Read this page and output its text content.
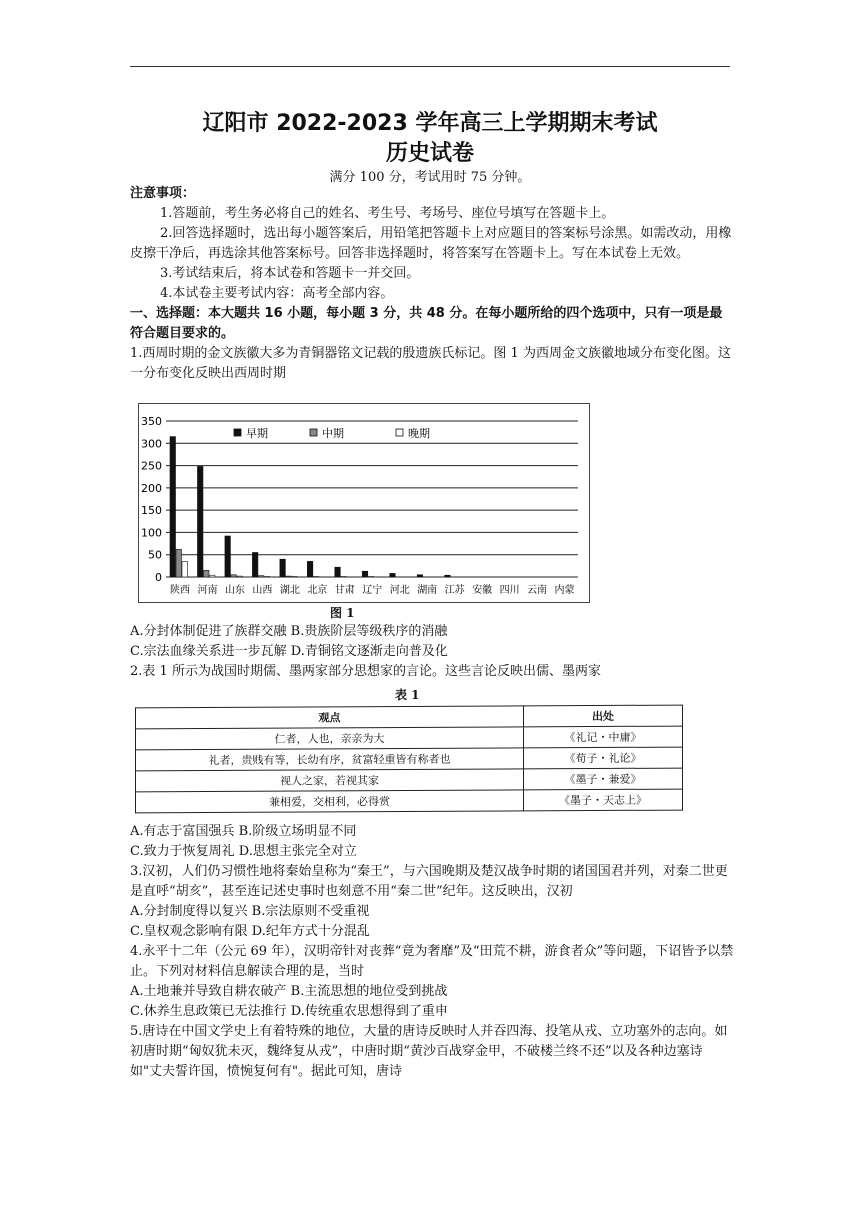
辽阳市 2022-2023 学年高三上学期期末考试
历史试卷
满分 100 分，考试用时 75 分钟。
注意事项：
1.答题前，考生务必将自己的姓名、考生号、考场号、座位号填写在答题卡上。
2.回答选择题时，选出每小题答案后，用铅笔把答题卡上对应题目的答案标号涂黑。如需改动，用橡皮擦干净后，再选涂其他答案标号。回答非选择题时，将答案写在答题卡上。写在本试卷上无效。
3.考试结束后，将本试卷和答题卡一并交回。
4.本试卷主要考试内容：高考全部内容。
一、选择题：本大题共 16 小题，每小题 3 分，共 48 分。在每小题所给的四个选项中，只有一项是最符合题目要求的。
1.西周时期的金文族徽大多为青铜器铭文记载的殷遗族氏标记。图 1 为西周金文族徽地域分布变化图。这一分布变化反映出西周时期
0
50
100
150
200
250
300
350
陕西 河南 山东 山西 湖北 北京 甘肃 辽宁 河北 湖南 江苏 安徽 四川 云南 内蒙
早期	中期	晚期
图 1
A.分封体制促进了族群交融 B.贵族阶层等级秩序的消融
C.宗法血缘关系进一步瓦解 D.青铜铭文逐渐走向普及化
2.表 1 所示为战国时期儒、墨两家部分思想家的言论。这些言论反映出儒、墨两家
表 1
观点	出处
仁者，人也，亲亲为大	《礼记・中庸》
礼者，贵贱有等，长幼有序，贫富轻重皆有称者也	《荀子・礼论》
视人之家，若视其家	《墨子・兼爱》
兼相爱，交相利，必得赏	《墨子・天志上》
A.有志于富国强兵 B.阶级立场明显不同
C.致力于恢复周礼 D.思想主张完全对立
3.汉初，人们仍习惯性地将秦始皇称为“秦王”，与六国晚期及楚汉战争时期的诸国国君并列，对秦二世更是直呼“胡亥”，甚至连记述史事时也刻意不用“秦二世”纪年。这反映出，汉初
A.分封制度得以复兴 B.宗法原则不受重视
C.皇权观念影响有限 D.纪年方式十分混乱
4.永平十二年（公元 69 年），汉明帝针对丧葬“竟为奢靡”及“田荒不耕，游食者众”等问题，下诏皆予以禁止。下列对材料信息解读合理的是，当时
A.土地兼并导致自耕农破产 B.主流思想的地位受到挑战
C.休养生息政策已无法推行 D.传统重农思想得到了重申
5.唐诗在中国文学史上有着特殊的地位，大量的唐诗反映时人并吞四海、投笔从戎、立功塞外的志向。如初唐时期“匈奴犹未灭，魏绛复从戎”，中唐时期“黄沙百战穿金甲，不破楼兰终不还”以及各种边塞诗如"丈夫誓许国，愤惋复何有"。据此可知，唐诗
